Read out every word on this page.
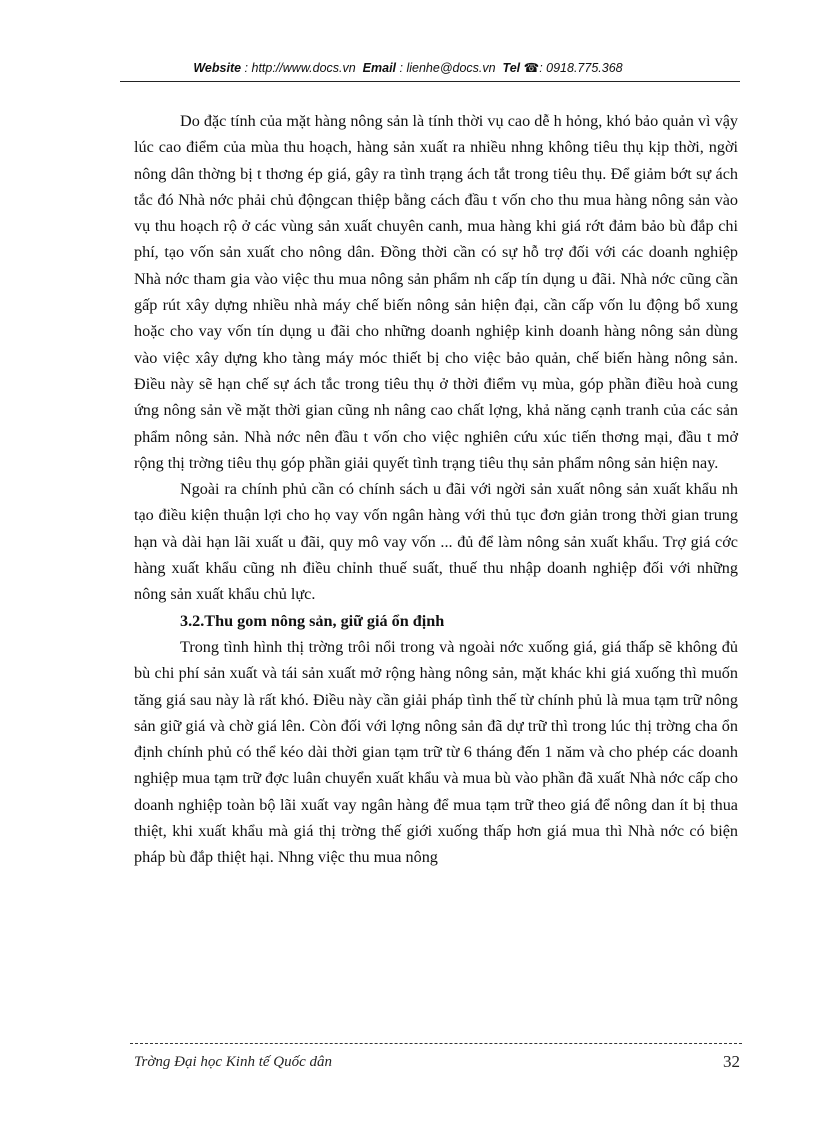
Website : http://www.docs.vn Email : lienhe@docs.vn Tel ☎: 0918.775.368

Do đặc tính của mặt hàng nông sản là tính thời vụ cao dễ h hỏng, khó bảo quản vì vậy lúc cao điểm của mùa thu hoạch, hàng sản xuất ra nhiều nhng không tiêu thụ kịp thời, ngời nông dân thờng bị t thơng ép giá, gây ra tình trạng ách tắt trong tiêu thụ. Để giảm bớt sự ách tắc đó Nhà nớc phải chủ độngcan thiệp bằng cách đầu t vốn cho thu mua hàng nông sản vào vụ thu hoạch rộ ở các vùng sản xuất chuyên canh, mua hàng khi giá rớt đảm bảo bù đắp chi phí, tạo vốn sản xuất cho nông dân. Đồng thời cần có sự hỗ trợ đối với các doanh nghiệp Nhà nớc tham gia vào việc thu mua nông sản phẩm nh cấp tín dụng u đãi. Nhà nớc cũng cần gấp rút xây dựng nhiều nhà máy chế biến nông sản hiện đại, cần cấp vốn lu động bổ xung hoặc cho vay vốn tín dụng u đãi cho những doanh nghiệp kinh doanh hàng nông sản dùng vào việc xây dựng kho tàng máy móc thiết bị cho việc bảo quản, chế biến hàng nông sản. Điều này sẽ hạn chế sự ách tắc trong tiêu thụ ở thời điểm vụ mùa, góp phần điều hoà cung ứng nông sản về mặt thời gian cũng nh nâng cao chất lợng, khả năng cạnh tranh của các sản phẩm nông sản. Nhà nớc nên đầu t vốn cho việc nghiên cứu xúc tiến thơng mại, đầu t mở rộng thị trờng tiêu thụ góp phần giải quyết tình trạng tiêu thụ sản phẩm nông sản hiện nay.

Ngoài ra chính phủ cần có chính sách u đãi với ngời sản xuất nông sản xuất khẩu nh tạo điều kiện thuận lợi cho họ vay vốn ngân hàng với thủ tục đơn giản trong thời gian trung hạn và dài hạn lãi xuất u đãi, quy mô vay vốn ... đủ để làm nông sản xuất khẩu. Trợ giá cớc hàng xuất khẩu cũng nh điều chỉnh thuế suất, thuế thu nhập doanh nghiệp đối với những nông sản xuất khẩu chủ lực.

3.2.Thu gom nông sản, giữ giá ổn định

Trong tình hình thị trờng trôi nổi trong và ngoài nớc xuống giá, giá thấp sẽ không đủ bù chi phí sản xuất và tái sản xuất mở rộng hàng nông sản, mặt khác khi giá xuống thì muốn tăng giá sau này là rất khó. Điều này cần giải pháp tình thế từ chính phủ là mua tạm trữ nông sản giữ giá và chờ giá lên. Còn đối với lợng nông sản đã dự trữ thì trong lúc thị trờng cha ổn định chính phủ có thể kéo dài thời gian tạm trữ từ 6 tháng đến 1 năm và cho phép các doanh nghiệp mua tạm trữ đợc luân chuyển xuất khẩu và mua bù vào phần đã xuất Nhà nớc cấp cho doanh nghiệp toàn bộ lãi xuất vay ngân hàng để mua tạm trữ theo giá để nông dan ít bị thua thiệt, khi xuất khẩu mà giá thị trờng thế giới xuống thấp hơn giá mua thì Nhà nớc có biện pháp bù đắp thiệt hại. Nhng việc thu mua nông

Trờng Đại học Kinh tế Quốc dân	32
